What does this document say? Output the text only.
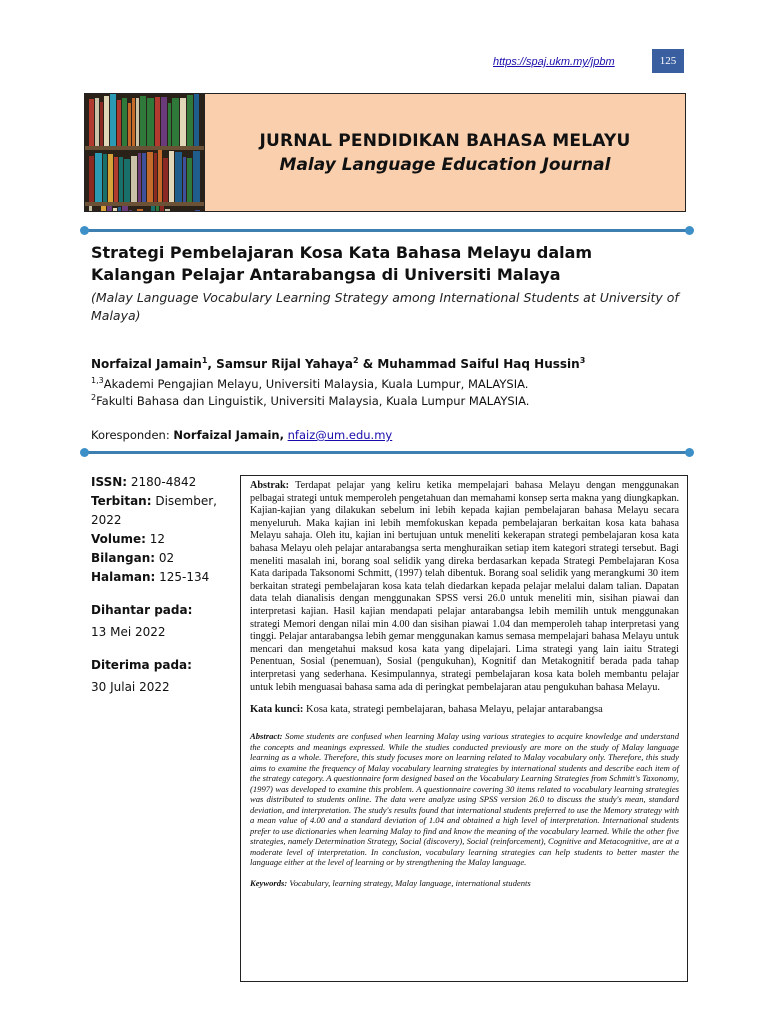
https://spaj.ukm.my/jpbm	125
JURNAL PENDIDIKAN BAHASA MELAYU
Malay Language Education Journal
Strategi Pembelajaran Kosa Kata Bahasa Melayu dalam Kalangan Pelajar Antarabangsa di Universiti Malaya
(Malay Language Vocabulary Learning Strategy among International Students at University of Malaya)
Norfaizal Jamain$^1$, Samsur Rijal Yahaya$^2$ & Muhammad Saiful Haq Hussin$^3$
$^{1,3}$Akademi Pengajian Melayu, Universiti Malaysia, Kuala Lumpur, MALAYSIA.
$^2$Fakulti Bahasa dan Linguistik, Universiti Malaysia, Kuala Lumpur MALAYSIA.
Koresponden: Norfaizal Jamain, nfaiz@um.edu.my
ISSN: 2180-4842
Terbitan: Disember, 2022
Volume: 12
Bilangan: 02
Halaman: 125-134
Dihantar pada:
13 Mei 2022
Diterima pada:
30 Julai 2022
Abstrak: Terdapat pelajar yang keliru ketika mempelajari bahasa Melayu dengan menggunakan pelbagai strategi untuk memperoleh pengetahuan dan memahami konsep serta makna yang diungkapkan. Kajian-kajian yang dilakukan sebelum ini lebih kepada kajian pembelajaran bahasa Melayu secara menyeluruh. Maka kajian ini lebih memfokuskan kepada pembelajaran berkaitan kosa kata bahasa Melayu sahaja. Oleh itu, kajian ini bertujuan untuk meneliti kekerapan strategi pembelajaran kosa kata bahasa Melayu oleh pelajar antarabangsa serta menghuraikan setiap item kategori strategi tersebut. Bagi meneliti masalah ini, borang soal selidik yang direka berdasarkan kepada Strategi Pembelajaran Kosa Kata daripada Taksonomi Schmitt, (1997) telah dibentuk. Borang soal selidik yang merangkumi 30 item berkaitan strategi pembelajaran kosa kata telah diedarkan kepada pelajar melalui dalam talian. Dapatan data telah dianalisis dengan menggunakan SPSS versi 26.0 untuk meneliti min, sisihan piawai dan interpretasi kajian. Hasil kajian mendapati pelajar antarabangsa lebih memilih untuk menggunakan strategi Memori dengan nilai min 4.00 dan sisihan piawai 1.04 dan memperoleh tahap interpretasi yang tinggi. Pelajar antarabangsa lebih gemar menggunakan kamus semasa mempelajari bahasa Melayu untuk mencari dan mengetahui maksud kosa kata yang dipelajari. Lima strategi yang lain iaitu Strategi Penentuan, Sosial (penemuan), Sosial (pengukuhan), Kognitif dan Metakognitif berada pada tahap interpretasi yang sederhana. Kesimpulannya, strategi pembelajaran kosa kata boleh membantu pelajar untuk lebih menguasai bahasa sama ada di peringkat pembelajaran atau pengukuhan bahasa Melayu.
Kata kunci: Kosa kata, strategi pembelajaran, bahasa Melayu, pelajar antarabangsa
Abstract: Some students are confused when learning Malay using various strategies to acquire knowledge and understand the concepts and meanings expressed. While the studies conducted previously are more on the study of Malay language learning as a whole. Therefore, this study focuses more on learning related to Malay vocabulary only. Therefore, this study aims to examine the frequency of Malay vocabulary learning strategies by international students and describe each item of the strategy category. A questionnaire form designed based on the Vocabulary Learning Strategies from Schmitt's Taxonomy, (1997) was developed to examine this problem. A questionnaire covering 30 items related to vocabulary learning strategies was distributed to students online. The data were analyze using SPSS version 26.0 to discuss the study's mean, standard deviation, and interpretation. The study's results found that international students preferred to use the Memory strategy with a mean value of 4.00 and a standard deviation of 1.04 and obtained a high level of interpretation. International students prefer to use dictionaries when learning Malay to find and know the meaning of the vocabulary learned. While the other five strategies, namely Determination Strategy, Social (discovery), Social (reinforcement), Cognitive and Metacognitive, are at a moderate level of interpretation. In conclusion, vocabulary learning strategies can help students to better master the language either at the level of learning or by strengthening the Malay language.
Keywords: Vocabulary, learning strategy, Malay language, international students
